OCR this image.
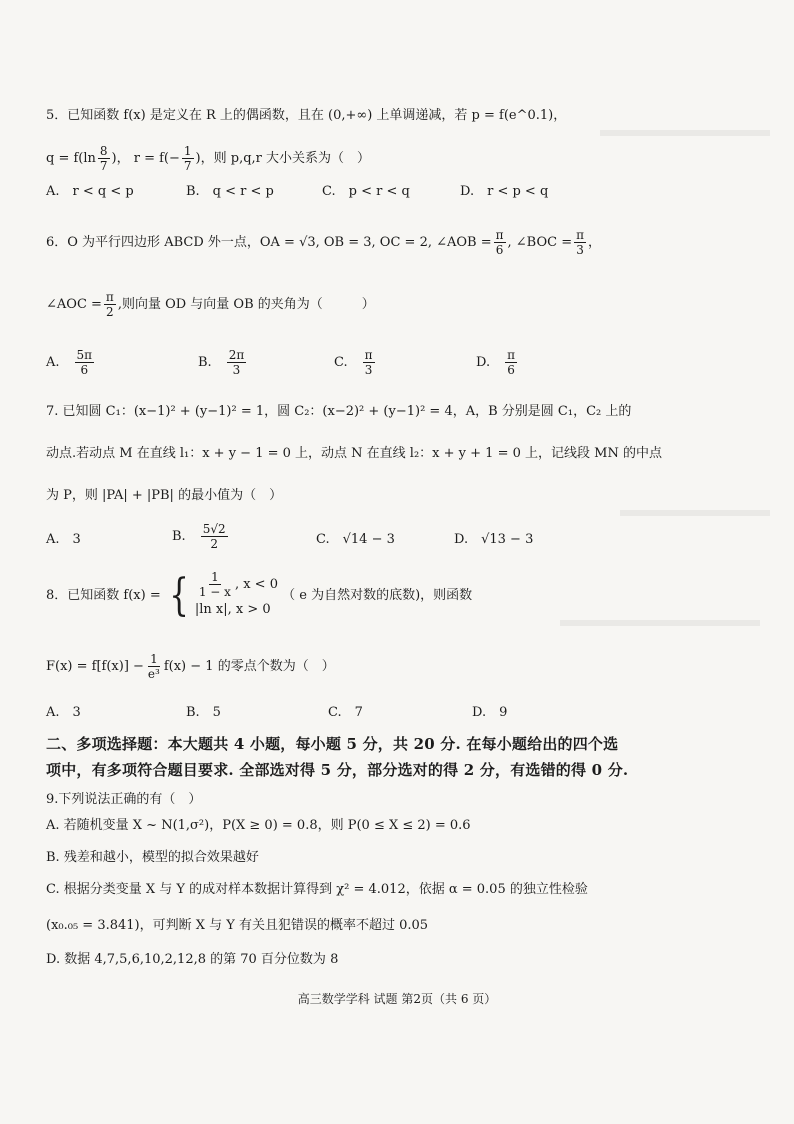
5．已知函数 f(x) 是定义在 R 上的偶函数，且在 (0,+∞) 上单调递减，若 p = f(e^0.1)，
$q = f(\ln \frac{8}{7}$ )， $r = f(- \frac{1}{7}$ )，则 p,q,r 大小关系为（　）
A.　r < q < p	B.　q < r < p	C.　p < r < q	D.　r < p < q
6．O 为平行四边形 ABCD 外一点，OA = √3, OB = 3, OC = 2, ∠AOB = $\frac{\pi}{6}$ , ∠BOC = $\frac{\pi}{3}$ ，
∠AOC = $\frac{\pi}{2}$ ,则向量 OD 与向量 OB 的夹角为（　　　）
A.　 $\frac{5\pi}{6}$	B.　 $\frac{2\pi}{3}$	C.　 $\frac{\pi}{3}$	D.　 $\frac{\pi}{6}$
7. 已知圆 C₁：(x−1)² + (y−1)² = 1，圆 C₂：(x−2)² + (y−1)² = 4，A，B 分别是圆 C₁，C₂ 上的
动点.若动点 M 在直线 l₁：x + y − 1 = 0 上，动点 N 在直线 l₂：x + y + 1 = 0 上，记线段 MN 的中点
为 P，则 |PA| + |PB| 的最小值为（　）
A.　3	B.　 $\frac{5√2}{2}$	C.　√14 − 3	D.　√13 − 3
8．已知函数 f(x) = { $\frac{1}{1 - x}$ , x < 0
|ln x|, x > 0
（ e 为自然对数的底数)，则函数
$F(x) = f[f(x)] - \frac{1}{\text{e³}} f(x) - 1$ 的零点个数为（　）
A.　3	B.　5	C.　7	D.　9
二、多项选择题：本大题共 4 小题，每小题 5 分，共 20 分. 在每小题给出的四个选
项中，有多项符合题目要求. 全部选对得 5 分，部分选对的得 2 分，有选错的得 0 分.
9.下列说法正确的有（　）
A. 若随机变量 X ~ N(1,σ²)，P(X ≥ 0) = 0.8，则 P(0 ≤ X ≤ 2) = 0.6
B. 残差和越小，模型的拟合效果越好
C. 根据分类变量 X 与 Y 的成对样本数据计算得到 χ² = 4.012，依据 α = 0.05 的独立性检验
(x₀.₀₅ = 3.841)，可判断 X 与 Y 有关且犯错误的概率不超过 0.05
D. 数据 4,7,5,6,10,2,12,8 的第 70 百分位数为 8
高三数学学科 试题 第2页（共 6 页）
